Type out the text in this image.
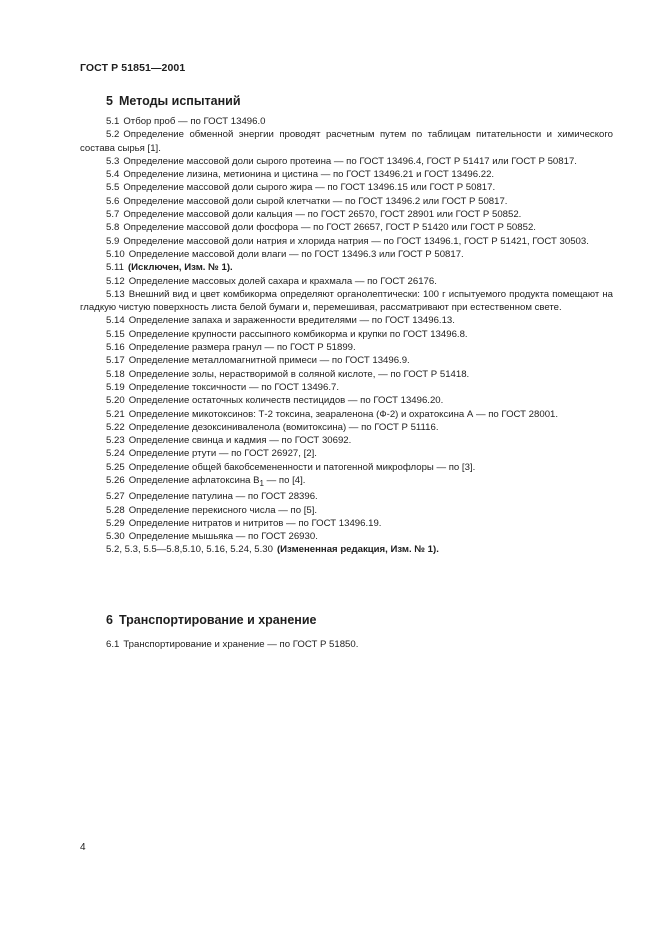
ГОСТ Р 51851—2001
5 Методы испытаний

5.1 Отбор проб — по ГОСТ 13496.0

5.2 Определение обменной энергии проводят расчетным путем по таблицам питательности и химического состава сырья [1].

5.3 Определение массовой доли сырого протеина — по ГОСТ 13496.4, ГОСТ Р 51417 или ГОСТ Р 50817.

5.4 Определение лизина, метионина и цистина — по ГОСТ 13496.21 и ГОСТ 13496.22.

5.5 Определение массовой доли сырого жира — по ГОСТ 13496.15 или ГОСТ Р 50817.

5.6 Определение массовой доли сырой клетчатки — по ГОСТ 13496.2 или ГОСТ Р 50817.

5.7 Определение массовой доли кальция — по ГОСТ 26570, ГОСТ 28901 или ГОСТ Р 50852.

5.8 Определение массовой доли фосфора — по ГОСТ 26657, ГОСТ Р 51420 или ГОСТ Р 50852.

5.9 Определение массовой доли натрия и хлорида натрия — по ГОСТ 13496.1, ГОСТ Р 51421, ГОСТ 30503.

5.10 Определение массовой доли влаги — по ГОСТ 13496.3 или ГОСТ Р 50817.

5.11 (Исключен, Изм. № 1).

5.12 Определение массовых долей сахара и крахмала — по ГОСТ 26176.

5.13 Внешний вид и цвет комбикорма определяют органолептически: 100 г испытуемого продукта помещают на гладкую чистую поверхность листа белой бумаги и, перемешивая, рассматривают при естественном свете.

5.14 Определение запаха и зараженности вредителями — по ГОСТ 13496.13.

5.15 Определение крупности рассыпного комбикорма и крупки по ГОСТ 13496.8.

5.16 Определение размера гранул — по ГОСТ Р 51899.

5.17 Определение металломагнитной примеси — по ГОСТ 13496.9.

5.18 Определение золы, нерастворимой в соляной кислоте, — по ГОСТ Р 51418.

5.19 Определение токсичности — по ГОСТ 13496.7.

5.20 Определение остаточных количеств пестицидов — по ГОСТ 13496.20.

5.21 Определение микотоксинов: Т-2 токсина, зеараленона (Ф-2) и охратоксина А — по ГОСТ 28001.

5.22 Определение дезоксиниваленола (вомитоксина) — по ГОСТ Р 51116.

5.23 Определение свинца и кадмия — по ГОСТ 30692.

5.24 Определение ртути — по ГОСТ 26927, [2].

5.25 Определение общей бакобсемененности и патогенной микрофлоры — по [3].

5.26 Определение афлатоксина $B_1$ — по [4].

5.27 Определение патулина — по ГОСТ 28396.

5.28 Определение перекисного числа — по [5].

5.29 Определение нитратов и нитритов — по ГОСТ 13496.19.

5.30 Определение мышьяка — по ГОСТ 26930.

5.2, 5.3, 5.5—5.8,5.10, 5.16, 5.24, 5.30 (Измененная редакция, Изм. № 1).

6 Транспортирование и хранение

6.1 Транспортирование и хранение — по ГОСТ Р 51850.

4
